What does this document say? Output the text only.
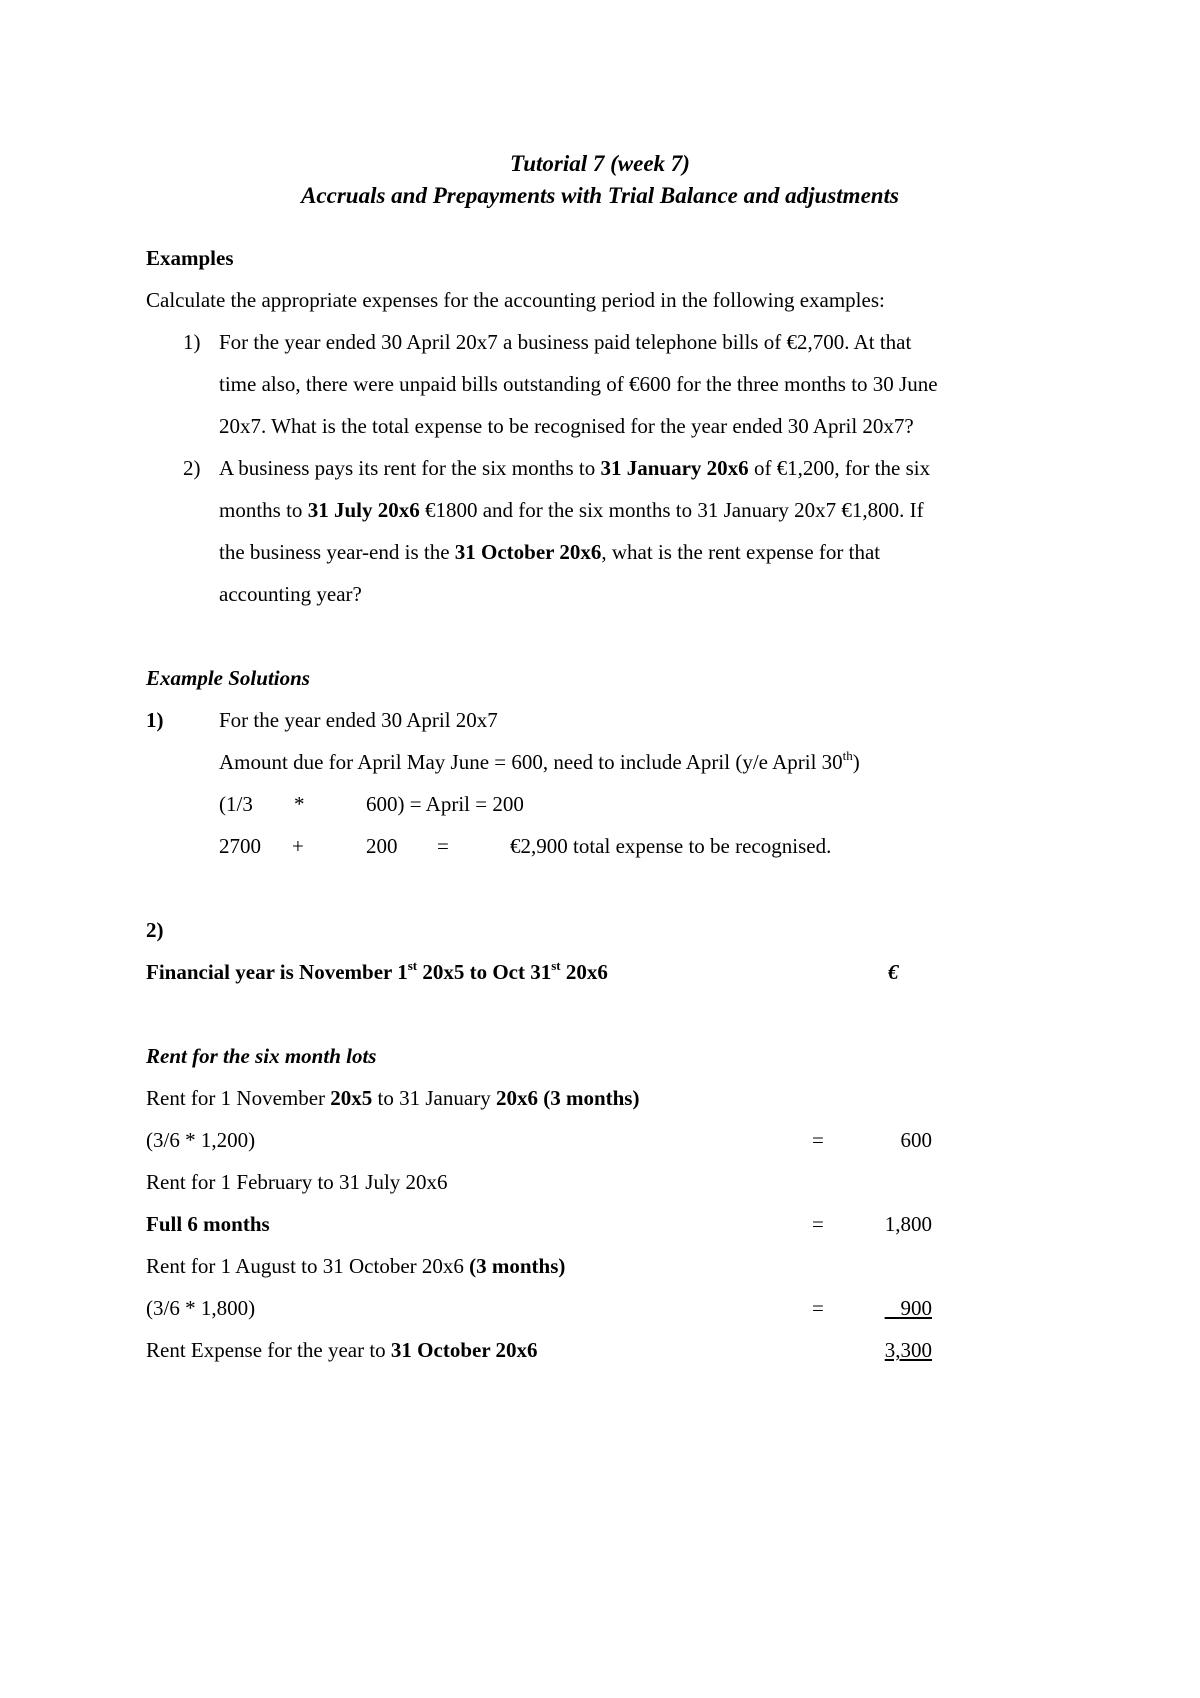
Tutorial 7 (week 7)
Accruals and Prepayments with Trial Balance and adjustments
Examples
Calculate the appropriate expenses for the accounting period in the following examples:
1) For the year ended 30 April 20x7 a business paid telephone bills of €2,700. At that
time also, there were unpaid bills outstanding of €600 for the three months to 30 June
20x7. What is the total expense to be recognised for the year ended 30 April 20x7?
2) A business pays its rent for the six months to 31 January 20x6 of €1,200, for the six
months to 31 July 20x6 €1800 and for the six months to 31 January 20x7 €1,800. If
the business year-end is the 31 October 20x6, what is the rent expense for that
accounting year?
Example Solutions
1)	For the year ended 30 April 20x7
Amount due for April May June = 600, need to include April (y/e April 30th)
(1/3 *	600) = April = 200
2700 +	200 =	€2,900 total expense to be recognised.
2)
Financial year is November 1st 20x5 to Oct 31st 20x6	€
Rent for the six month lots
Rent for 1 November 20x5 to 31 January 20x6 (3 months)
(3/6 * 1,200)	=	600
Rent for 1 February to 31 July 20x6
Full 6 months	=	1,800
Rent for 1 August to 31 October 20x6 (3 months)
(3/6 * 1,800)	=	900
Rent Expense for the year to 31 October 20x6	3,300
